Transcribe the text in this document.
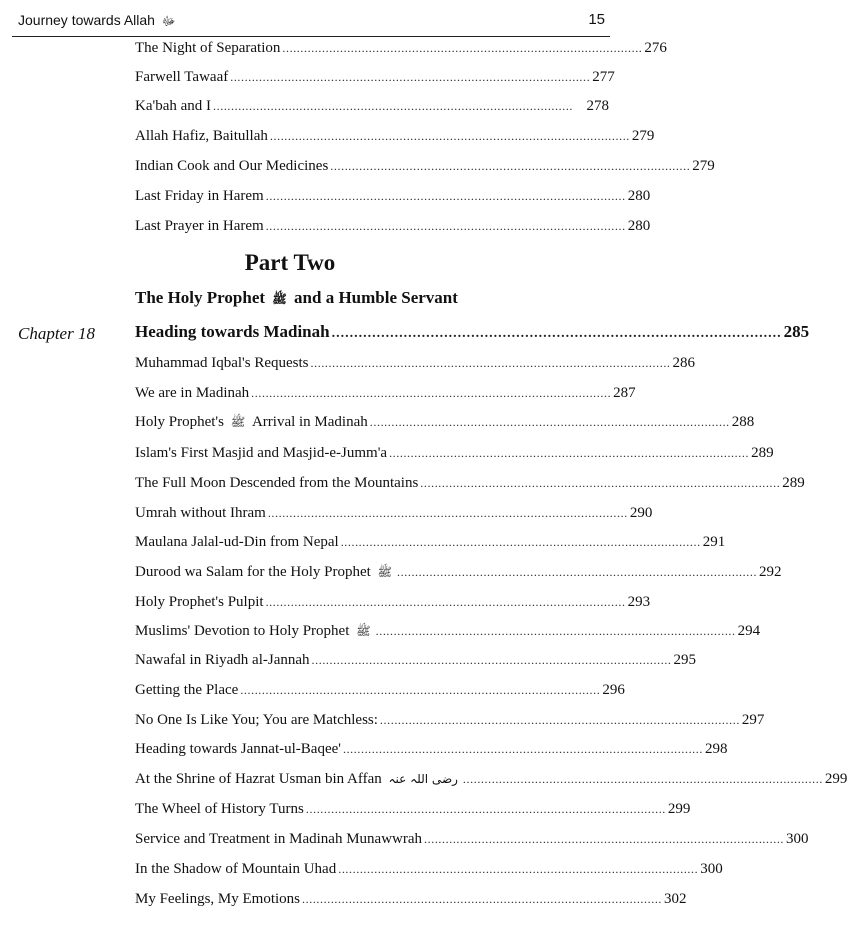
Journey towards Allah ﷻ	15
The Night of Separation .................................................................................................... 276
Farwell Tawaaf .................................................................................................... 277
Ka'bah and I .................................................................................................... 278
Allah Hafiz, Baitullah .................................................................................................... 279
Indian Cook and Our Medicines .................................................................................................... 279
Last Friday in Harem .................................................................................................... 280
Last Prayer in Harem .................................................................................................... 280
Part Two
The Holy Prophet ﷺ and a Humble Servant
Chapter 18 Heading towards Madinah .................................................................................................... 285
Muhammad Iqbal's Requests .................................................................................................... 286
We are in Madinah .................................................................................................... 287
Holy Prophet's ﷺ Arrival in Madinah .................................................................................................... 288
Islam's First Masjid and Masjid-e-Jumm'a .................................................................................................... 289
The Full Moon Descended from the Mountains .................................................................................................... 289
Umrah without Ihram .................................................................................................... 290
Maulana Jalal-ud-Din from Nepal .................................................................................................... 291
Durood wa Salam for the Holy Prophet ﷺ .................................................................................................... 292
Holy Prophet's Pulpit .................................................................................................... 293
Muslims' Devotion to Holy Prophet ﷺ .................................................................................................... 294
Nawafal in Riyadh al-Jannah .................................................................................................... 295
Getting the Place .................................................................................................... 296
No One Is Like You; You are Matchless: .................................................................................................... 297
Heading towards Jannat-ul-Baqee' .................................................................................................... 298
At the Shrine of Hazrat Usman bin Affan رضی اللہ عنہ .................................................................................................... 299
The Wheel of History Turns .................................................................................................... 299
Service and Treatment in Madinah Munawwrah .................................................................................................... 300
In the Shadow of Mountain Uhad .................................................................................................... 300
My Feelings, My Emotions .................................................................................................... 302
